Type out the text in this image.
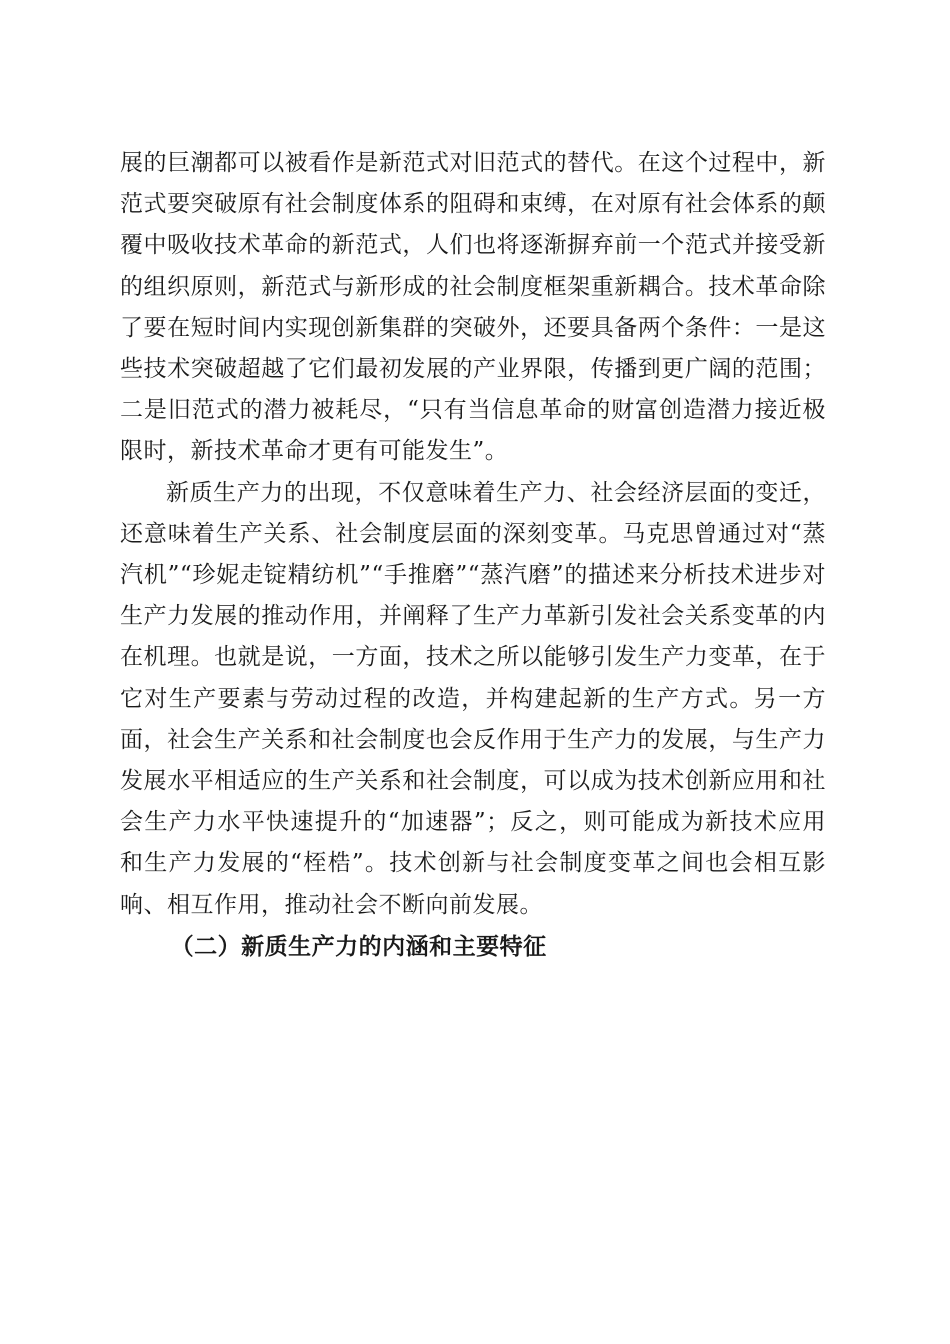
展的巨潮都可以被看作是新范式对旧范式的替代。在这个过程中，新范式要突破原有社会制度体系的阻碍和束缚，在对原有社会体系的颠覆中吸收技术革命的新范式，人们也将逐渐摒弃前一个范式并接受新的组织原则，新范式与新形成的社会制度框架重新耦合。技术革命除了要在短时间内实现创新集群的突破外，还要具备两个条件：一是这些技术突破超越了它们最初发展的产业界限，传播到更广阔的范围；二是旧范式的潜力被耗尽，“只有当信息革命的财富创造潜力接近极限时，新技术革命才更有可能发生”。

新质生产力的出现，不仅意味着生产力、社会经济层面的变迁，还意味着生产关系、社会制度层面的深刻变革。马克思曾通过对“蒸汽机”“珍妮走锭精纺机”“手推磨”“蒸汽磨”的描述来分析技术进步对生产力发展的推动作用，并阐释了生产力革新引发社会关系变革的内在机理。也就是说，一方面，技术之所以能够引发生产力变革，在于它对生产要素与劳动过程的改造，并构建起新的生产方式。另一方面，社会生产关系和社会制度也会反作用于生产力的发展，与生产力发展水平相适应的生产关系和社会制度，可以成为技术创新应用和社会生产力水平快速提升的“加速器”；反之，则可能成为新技术应用和生产力发展的“桎梏”。技术创新与社会制度变革之间也会相互影响、相互作用，推动社会不断向前发展。

（二）新质生产力的内涵和主要特征
